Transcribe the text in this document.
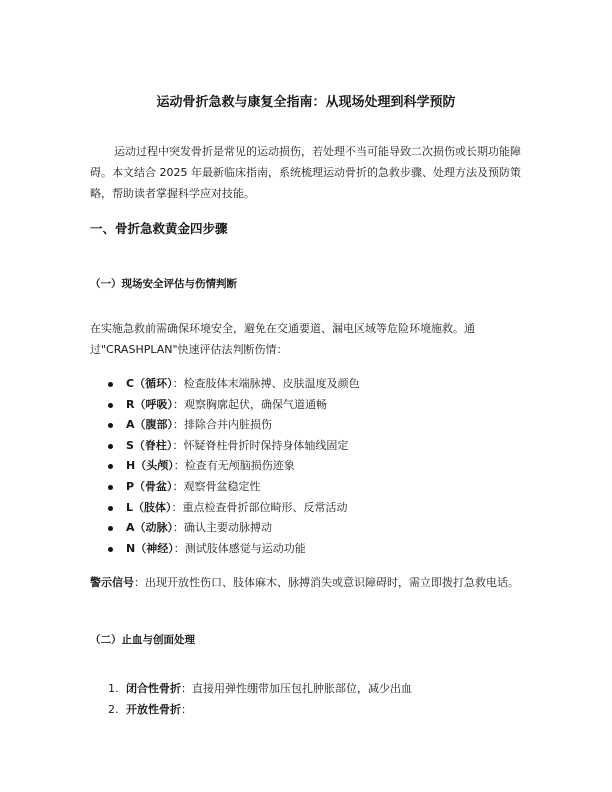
运动骨折急救与康复全指南：从现场处理到科学预防
运动过程中突发骨折是常见的运动损伤，若处理不当可能导致二次损伤或长期功能障碍。本文结合 2025 年最新临床指南，系统梳理运动骨折的急救步骤、处理方法及预防策略，帮助读者掌握科学应对技能。
一、骨折急救黄金四步骤
（一）现场安全评估与伤情判断
在实施急救前需确保环境安全，避免在交通要道、漏电区域等危险环境施救。通过"CRASHPLAN"快速评估法判断伤情：
C（循环）：检查肢体末端脉搏、皮肤温度及颜色
R（呼吸）：观察胸廓起伏，确保气道通畅
A（腹部）：排除合并内脏损伤
S（脊柱）：怀疑脊柱骨折时保持身体轴线固定
H（头颅）：检查有无颅脑损伤迹象
P（骨盆）：观察骨盆稳定性
L（肢体）：重点检查骨折部位畸形、反常活动
A（动脉）：确认主要动脉搏动
N（神经）：测试肢体感觉与运动功能
警示信号：出现开放性伤口、肢体麻木、脉搏消失或意识障碍时，需立即拨打急救电话。
（二）止血与创面处理
1. 闭合性骨折：直接用弹性绷带加压包扎肿胀部位，减少出血
2. 开放性骨折：
